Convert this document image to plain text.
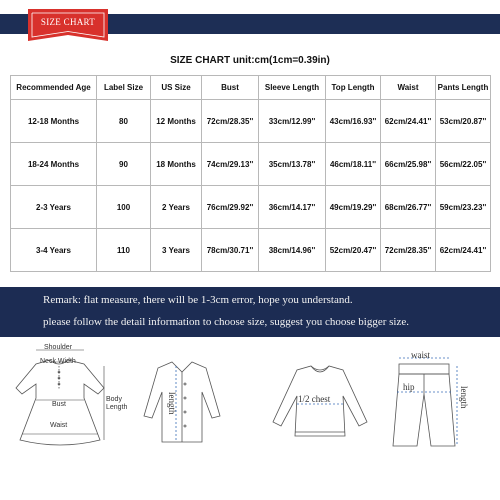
SIZE CHART
SIZE CHART unit:cm(1cm=0.39in)
Recommended Age	Label Size	US Size	Bust	Sleeve Length	Top Length	Waist	Pants Length
12-18 Months	80	12 Months	72cm/28.35''	33cm/12.99''	43cm/16.93''	62cm/24.41''	53cm/20.87''
18-24 Months	90	18 Months	74cm/29.13''	35cm/13.78''	46cm/18.11''	66cm/25.98''	56cm/22.05''
2-3 Years	100	2 Years	76cm/29.92''	36cm/14.17''	49cm/19.29''	68cm/26.77''	59cm/23.23''
3-4 Years	110	3 Years	78cm/30.71''	38cm/14.96''	52cm/20.47''	72cm/28.35''	62cm/24.41''
Remark: flat measure, there will be 1-3cm error, hope you understand.
please follow the detail information to choose size, suggest you choose bigger size.
Shoulder
Neck Width
Bust
Waist
Body
Length	length	1/2 chest
waist
hip	length
